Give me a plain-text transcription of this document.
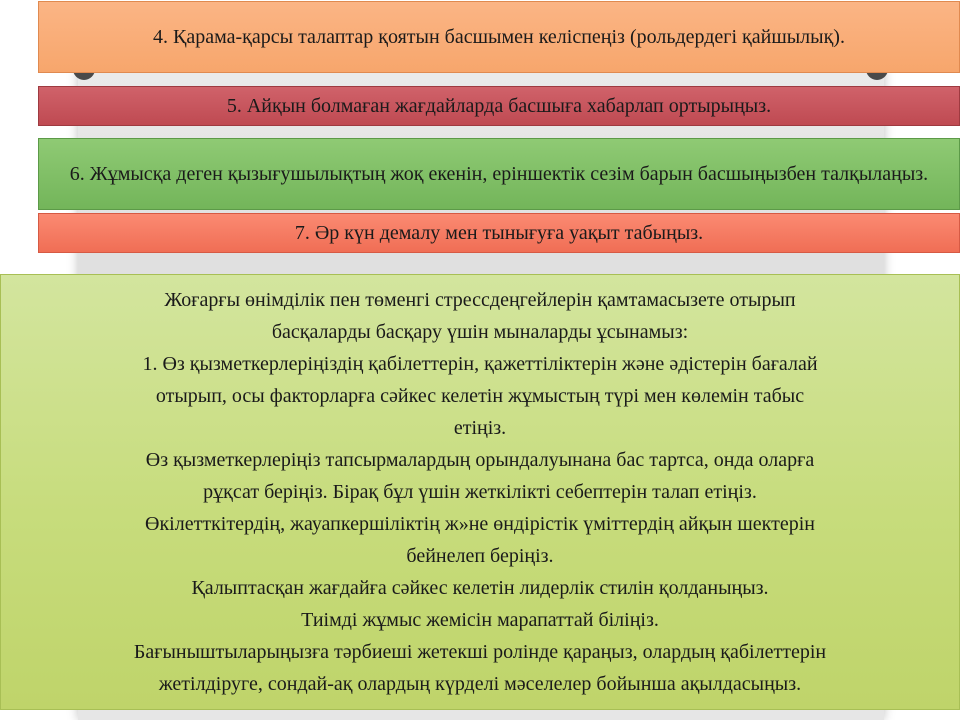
4. Қарама-қарсы талаптар қоятын басшымен келіспеңіз (рольдердегі қайшылық).
5. Айқын болмаған жағдайларда басшыға хабарлап ортырыңыз.
6. Жұмысқа деген қызығушылықтың жоқ екенін, еріншектік сезім барын басшыңызбен талқылаңыз.
7. Әр күн демалу мен тынығуға уақыт табыңыз.
Жоғарғы өнімділік пен төменгі стрессдеңгейлерін қамтамасызете отырып
басқаларды басқару үшін мыналарды ұсынамыз:
1. Өз қызметкерлеріңіздің қабілеттерін, қажеттіліктерін және әдістерін бағалай
отырып, осы факторларға сәйкес келетін жұмыстың түрі мен көлемін табыс
етіңіз.
Өз қызметкерлеріңіз тапсырмалардың орындалуынана бас тартса, онда оларға
рұқсат беріңіз. Бірақ бұл үшін жеткілікті себептерін талап етіңіз.
Өкілетткітердің, жауапкершіліктің ж»не өндірістік үміттердің айқын шектерін
бейнелеп беріңіз.
Қалыптасқан жағдайға сәйкес келетін лидерлік стилін қолданыңыз.
Тиімді жұмыс жемісін марапаттай біліңіз.
Бағыныштыларыңызға тәрбиеші жетекші ролінде қараңыз, олардың қабілеттерін
жетілдіруге, сондай-ақ олардың күрделі мәселелер бойынша ақылдасыңыз.
